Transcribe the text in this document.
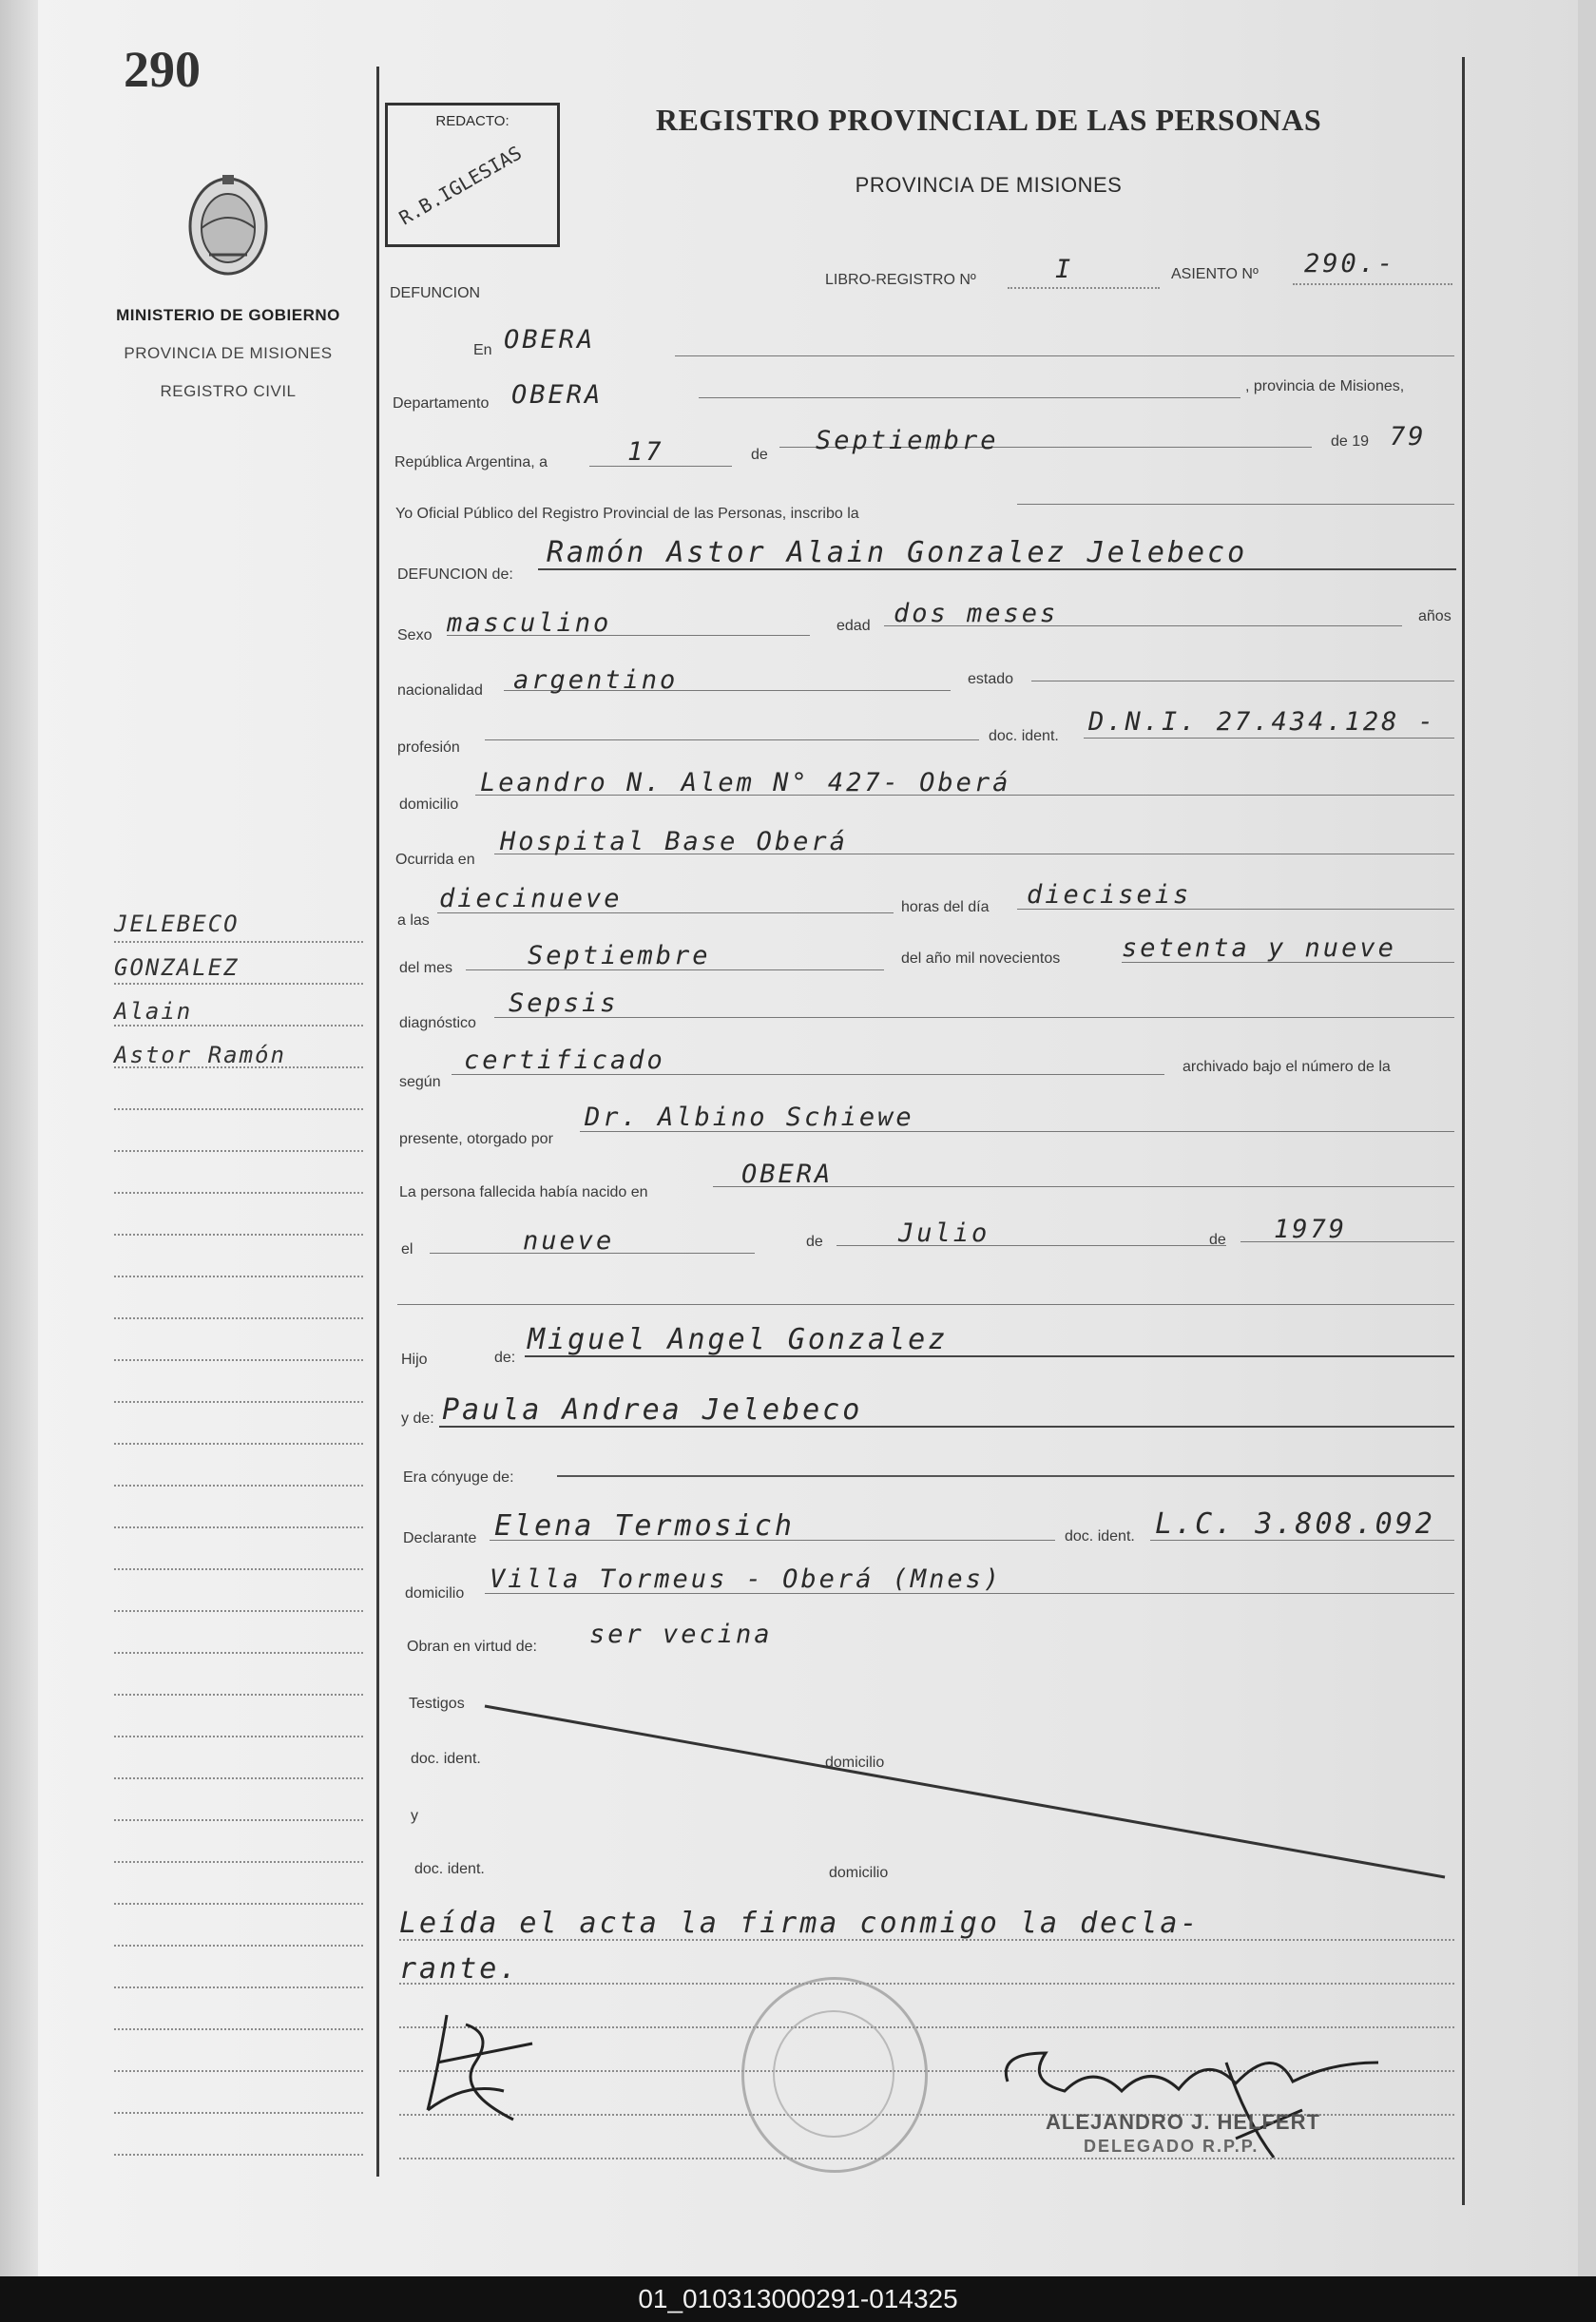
290
MINISTERIO DE GOBIERNO
PROVINCIA DE MISIONES
REGISTRO CIVIL
REDACTO:
R.B.IGLESIAS
REGISTRO PROVINCIAL DE LAS PERSONAS
PROVINCIA DE MISIONES
DEFUNCION
LIBRO-REGISTRO Nº	I	ASIENTO Nº 290.-
En OBERA
Departamento OBERA	, provincia de Misiones,
República Argentina, a	17	de Septiembre	de 19 79
Yo Oficial Público del Registro Provincial de las Personas, inscribo la
DEFUNCION de:
Ramón Astor Alain Gonzalez Jelebeco
Sexo masculino	edad dos meses	años
nacionalidad argentino	estado
profesión
doc. ident. D.N.I. 27.434.128 -
domicilio
Leandro N. Alem N° 427- Oberá
Ocurrida en
Hospital Base Oberá
a las
diecinueve	horas del día dieciseis
del mes	Septiembre	del año mil novecientos setenta y nueve
diagnóstico
Sepsis
según
certificado	archivado bajo el número de la
presente, otorgado por
Dr. Albino Schiewe
La persona fallecida había nacido en
OBERA
el	nueve	de	Julio	de 1979
Hijo	de:
Miguel Angel Gonzalez
y de: Paula Andrea Jelebeco
Era cónyuge de:
Declarante Elena Termosich	doc. ident. L.C. 3.808.092
domicilio Villa Tormeus - Oberá (Mnes)
Obran en virtud de: ser vecina
Testigos
doc. ident.	domicilio
y
doc. ident.	domicilio
Leída el acta la firma conmigo la decla-
rante.
JELEBECO
GONZALEZ
Alain
Astor Ramón
ALEJANDRO J. HELFERT
DELEGADO R.P.P.
01_010313000291-014325
